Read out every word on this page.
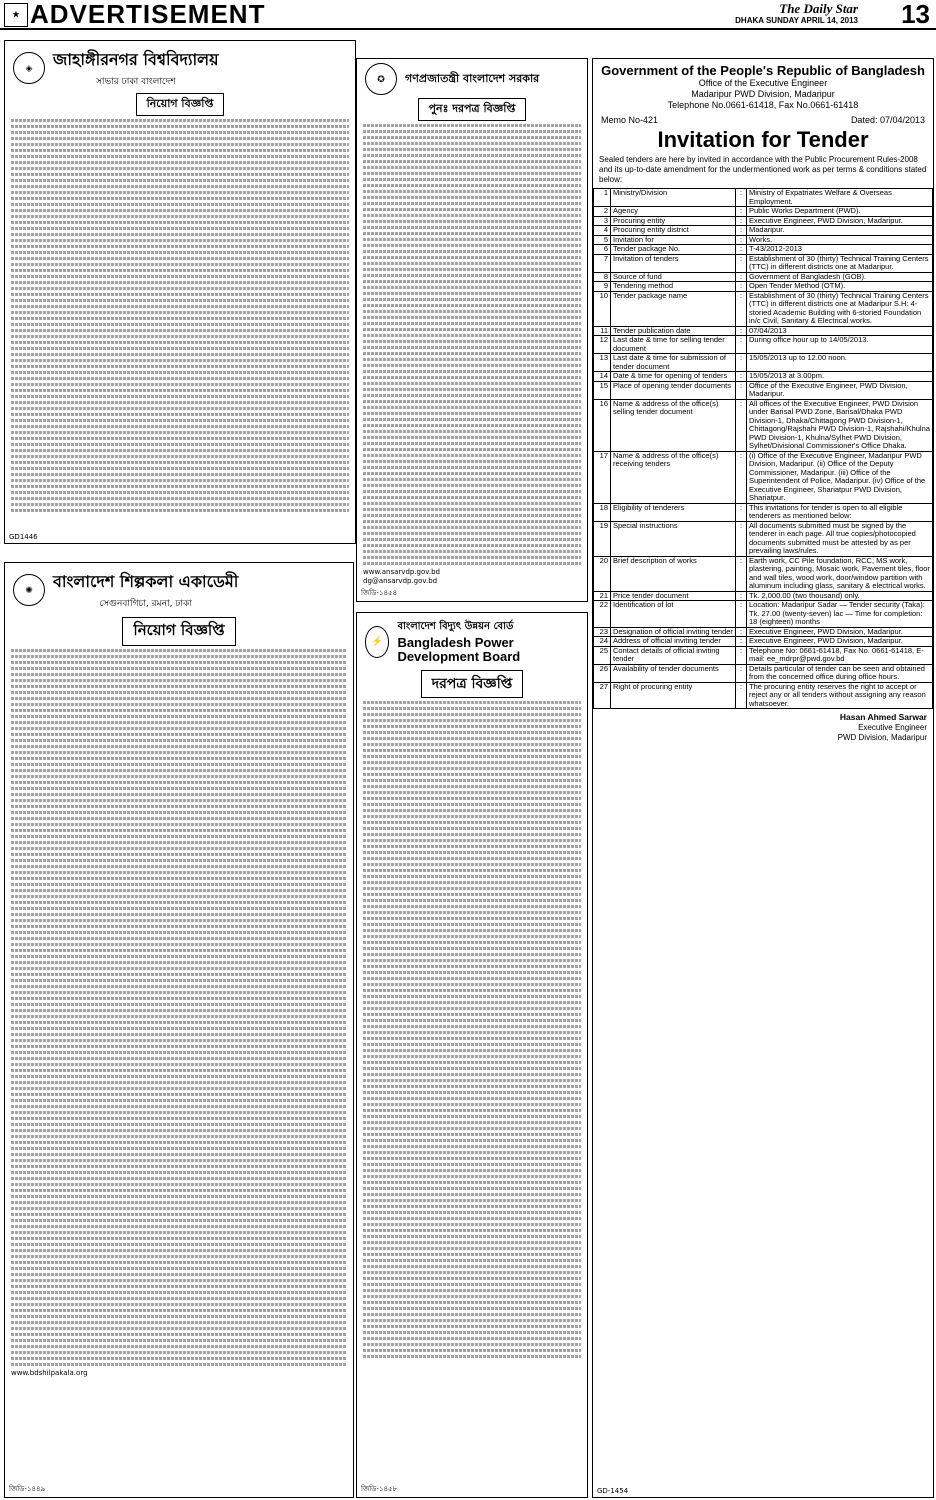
★ ADVERTISEMENT	The Daily Star
DHAKA SUNDAY APRIL 14, 2013 13
◈	জাহাঙ্গীরনগর বিশ্ববিদ্যালয়
সাভার ঢাকা বাংলাদেশ
নিয়োগ বিজ্ঞপ্তি
GD1446
✪	গণপ্রজাতন্ত্রী বাংলাদেশ সরকার
পুনঃ দরপত্র বিজ্ঞপ্তি
www.ansarvdp.gov.bd
dg@ansarvdp.gov.bd
জিডি-১৪৫৪
✺	বাংলাদেশ শিল্পকলা একাডেমী
সেগুনবাগিচা, রমনা, ঢাকা
নিয়োগ বিজ্ঞপ্তি
www.bdshilpakala.org
জিডি-১৪৪৯
⚡
বাংলাদেশ বিদ্যুৎ উন্নয়ন বোর্ড
Bangladesh Power Development Board
দরপত্র বিজ্ঞপ্তি
জিডি-১৪৫৮
Government of the People's Republic of Bangladesh
Office of the Executive Engineer
Madaripur PWD Division, Madaripur
Telephone No.0661-61418, Fax No.0661-61418
Memo No-421	Dated: 07/04/2013
Invitation for Tender
Sealed tenders are here by invited in accordance with the Public Procurement Rules-2008 and its up-to-date amendment for the undermentioned work as per terms & conditions stated below:
1	Ministry/Division	:	Ministry of Expatriates Welfare & Overseas Employment.
2	Agency	:	Public Works Department (PWD).
3	Procuring entity	:	Executive Engineer, PWD Division, Madaripur.
4	Procuring entity district	:	Madaripur.
5	Invitation for	:	Works.
6	Tender package No.	:	T-43/2012-2013
7	Invitation of tenders	:	Establishment of 30 (thirty) Technical Training Centers (TTC) in different districts one at Madaripur.
8	Source of fund	:	Government of Bangladesh (GOB).
9	Tendering method	:	Open Tender Method (OTM).
10	Tender package name	:	Establishment of 30 (thirty) Technical Training Centers (TTC) in different districts one at Madaripur S.H: 4-storied Academic Building with 6-storied Foundation in/c Civil, Sanitary & Electrical works.
11	Tender publication date	:	07/04/2013
12	Last date & time for selling tender document	:	During office hour up to 14/05/2013.
13	Last date & time for submission of tender document	:	15/05/2013 up to 12.00 noon.
14	Date & time for opening of tenders	:	15/05/2013 at 3.00pm.
15	Place of opening tender documents	:	Office of the Executive Engineer, PWD Division, Madaripur.
16	Name & address of the office(s) selling tender document	:	All offices of the Executive Engineer, PWD Division under Barisal PWD Zone, Barisal/Dhaka PWD Division-1, Dhaka/Chittagong PWD Division-1, Chittagong/Rajshahi PWD Division-1, Rajshahi/Khulna PWD Division-1, Khulna/Sylhet PWD Division, Sylhet/Divisional Commissioner's Office Dhaka.
17	Name & address of the office(s) receiving tenders	:	(i) Office of the Executive Engineer, Madaripur PWD Division, Madaripur. (ii) Office of the Deputy Commissioner, Madaripur. (iii) Office of the Superintendent of Police, Madaripur. (iv) Office of the Executive Engineer, Shariatpur PWD Division, Shariatpur.
18	Eligibility of tenderers	:	This invitations for tender is open to all eligible tenderers as mentioned below:
19	Special instructions	:	All documents submitted must be signed by the tenderer in each page. All true copies/photocopied documents submitted must be attested by as per prevailing laws/rules.
20	Brief description of works	:	Earth work, CC Pile foundation, RCC, MS work, plastering, painting, Mosaic work, Pavement tiles, floor and wall tiles, wood work, door/window partition with aluminum including glass, sanitary & electrical works.
21	Price tender document	:	Tk. 2,000.00 (two thousand) only.
22	Identification of lot	:	Location: Madaripur Sadar — Tender security (Taka): Tk. 27.00 (twenty-seven) lac — Time for completion: 18 (eighteen) months
23	Designation of official inviting tender	:	Executive Engineer, PWD Division, Madaripur.
24	Address of official inviting tender	:	Executive Engineer, PWD Division, Madaripur.
25	Contact details of official inviting tender	:	Telephone No: 0661-61418, Fax No. 0661-61418, E-mail: ee_mdrpr@pwd.gov.bd
26	Availability of tender documents	:	Details particular of tender can be seen and obtained from the concerned office during office hours.
27	Right of procuring entity	:	The procuring entity reserves the right to accept or reject any or all tenders without assigning any reason whatsoever.
Hasan Ahmed Sarwar
Executive Engineer
PWD Division, Madaripur
GD-1454
